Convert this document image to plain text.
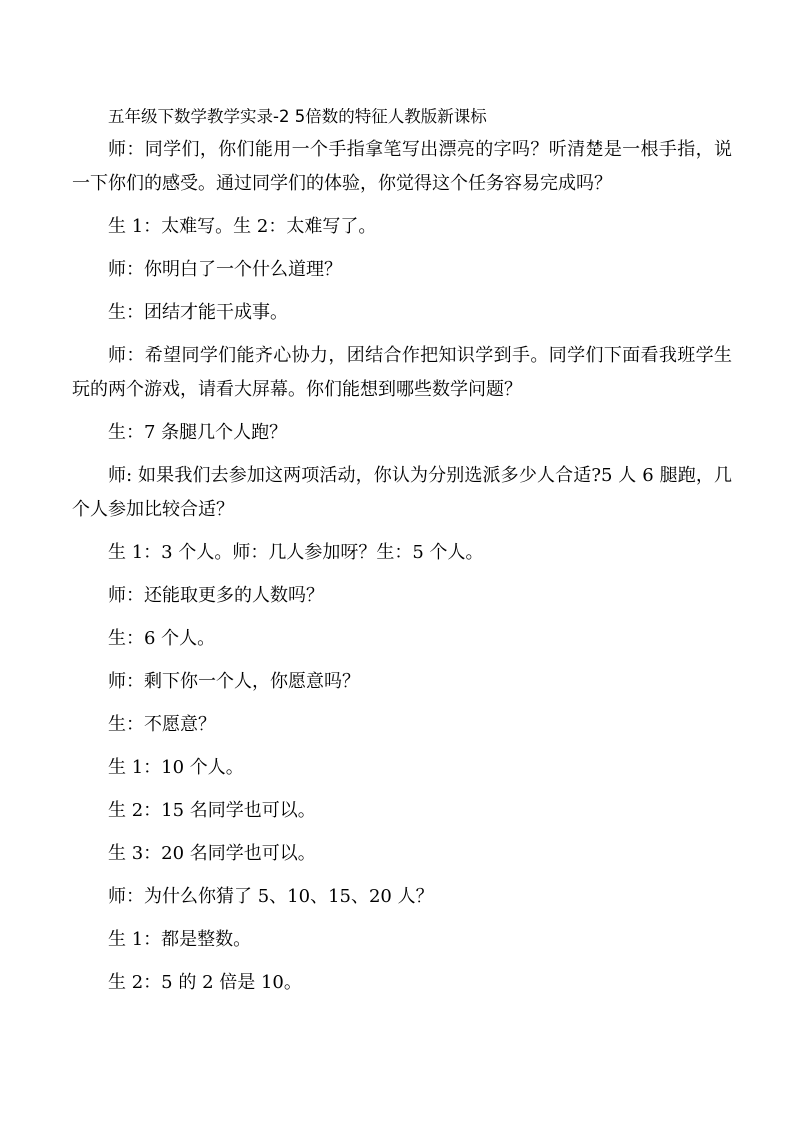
五年级下数学教学实录-2 5倍数的特征人教版新课标

师：同学们，你们能用一个手指拿笔写出漂亮的字吗？听清楚是一根手指，说一下你们的感受。通过同学们的体验，你觉得这个任务容易完成吗？

生 1：太难写。生 2：太难写了。

师：你明白了一个什么道理？

生：团结才能干成事。

师：希望同学们能齐心协力，团结合作把知识学到手。同学们下面看我班学生玩的两个游戏，请看大屏幕。你们能想到哪些数学问题？

生：7 条腿几个人跑？

师: 如果我们去参加这两项活动，你认为分别选派多少人合适?5 人 6 腿跑，几个人参加比较合适？

生 1：3 个人。师：几人参加呀？生：5 个人。

师：还能取更多的人数吗？

生：6 个人。

师：剩下你一个人，你愿意吗？

生：不愿意？

生 1：10 个人。

生 2：15 名同学也可以。

生 3：20 名同学也可以。

师：为什么你猜了 5、10、15、20 人？

生 1：都是整数。

生 2：5 的 2 倍是 10。
